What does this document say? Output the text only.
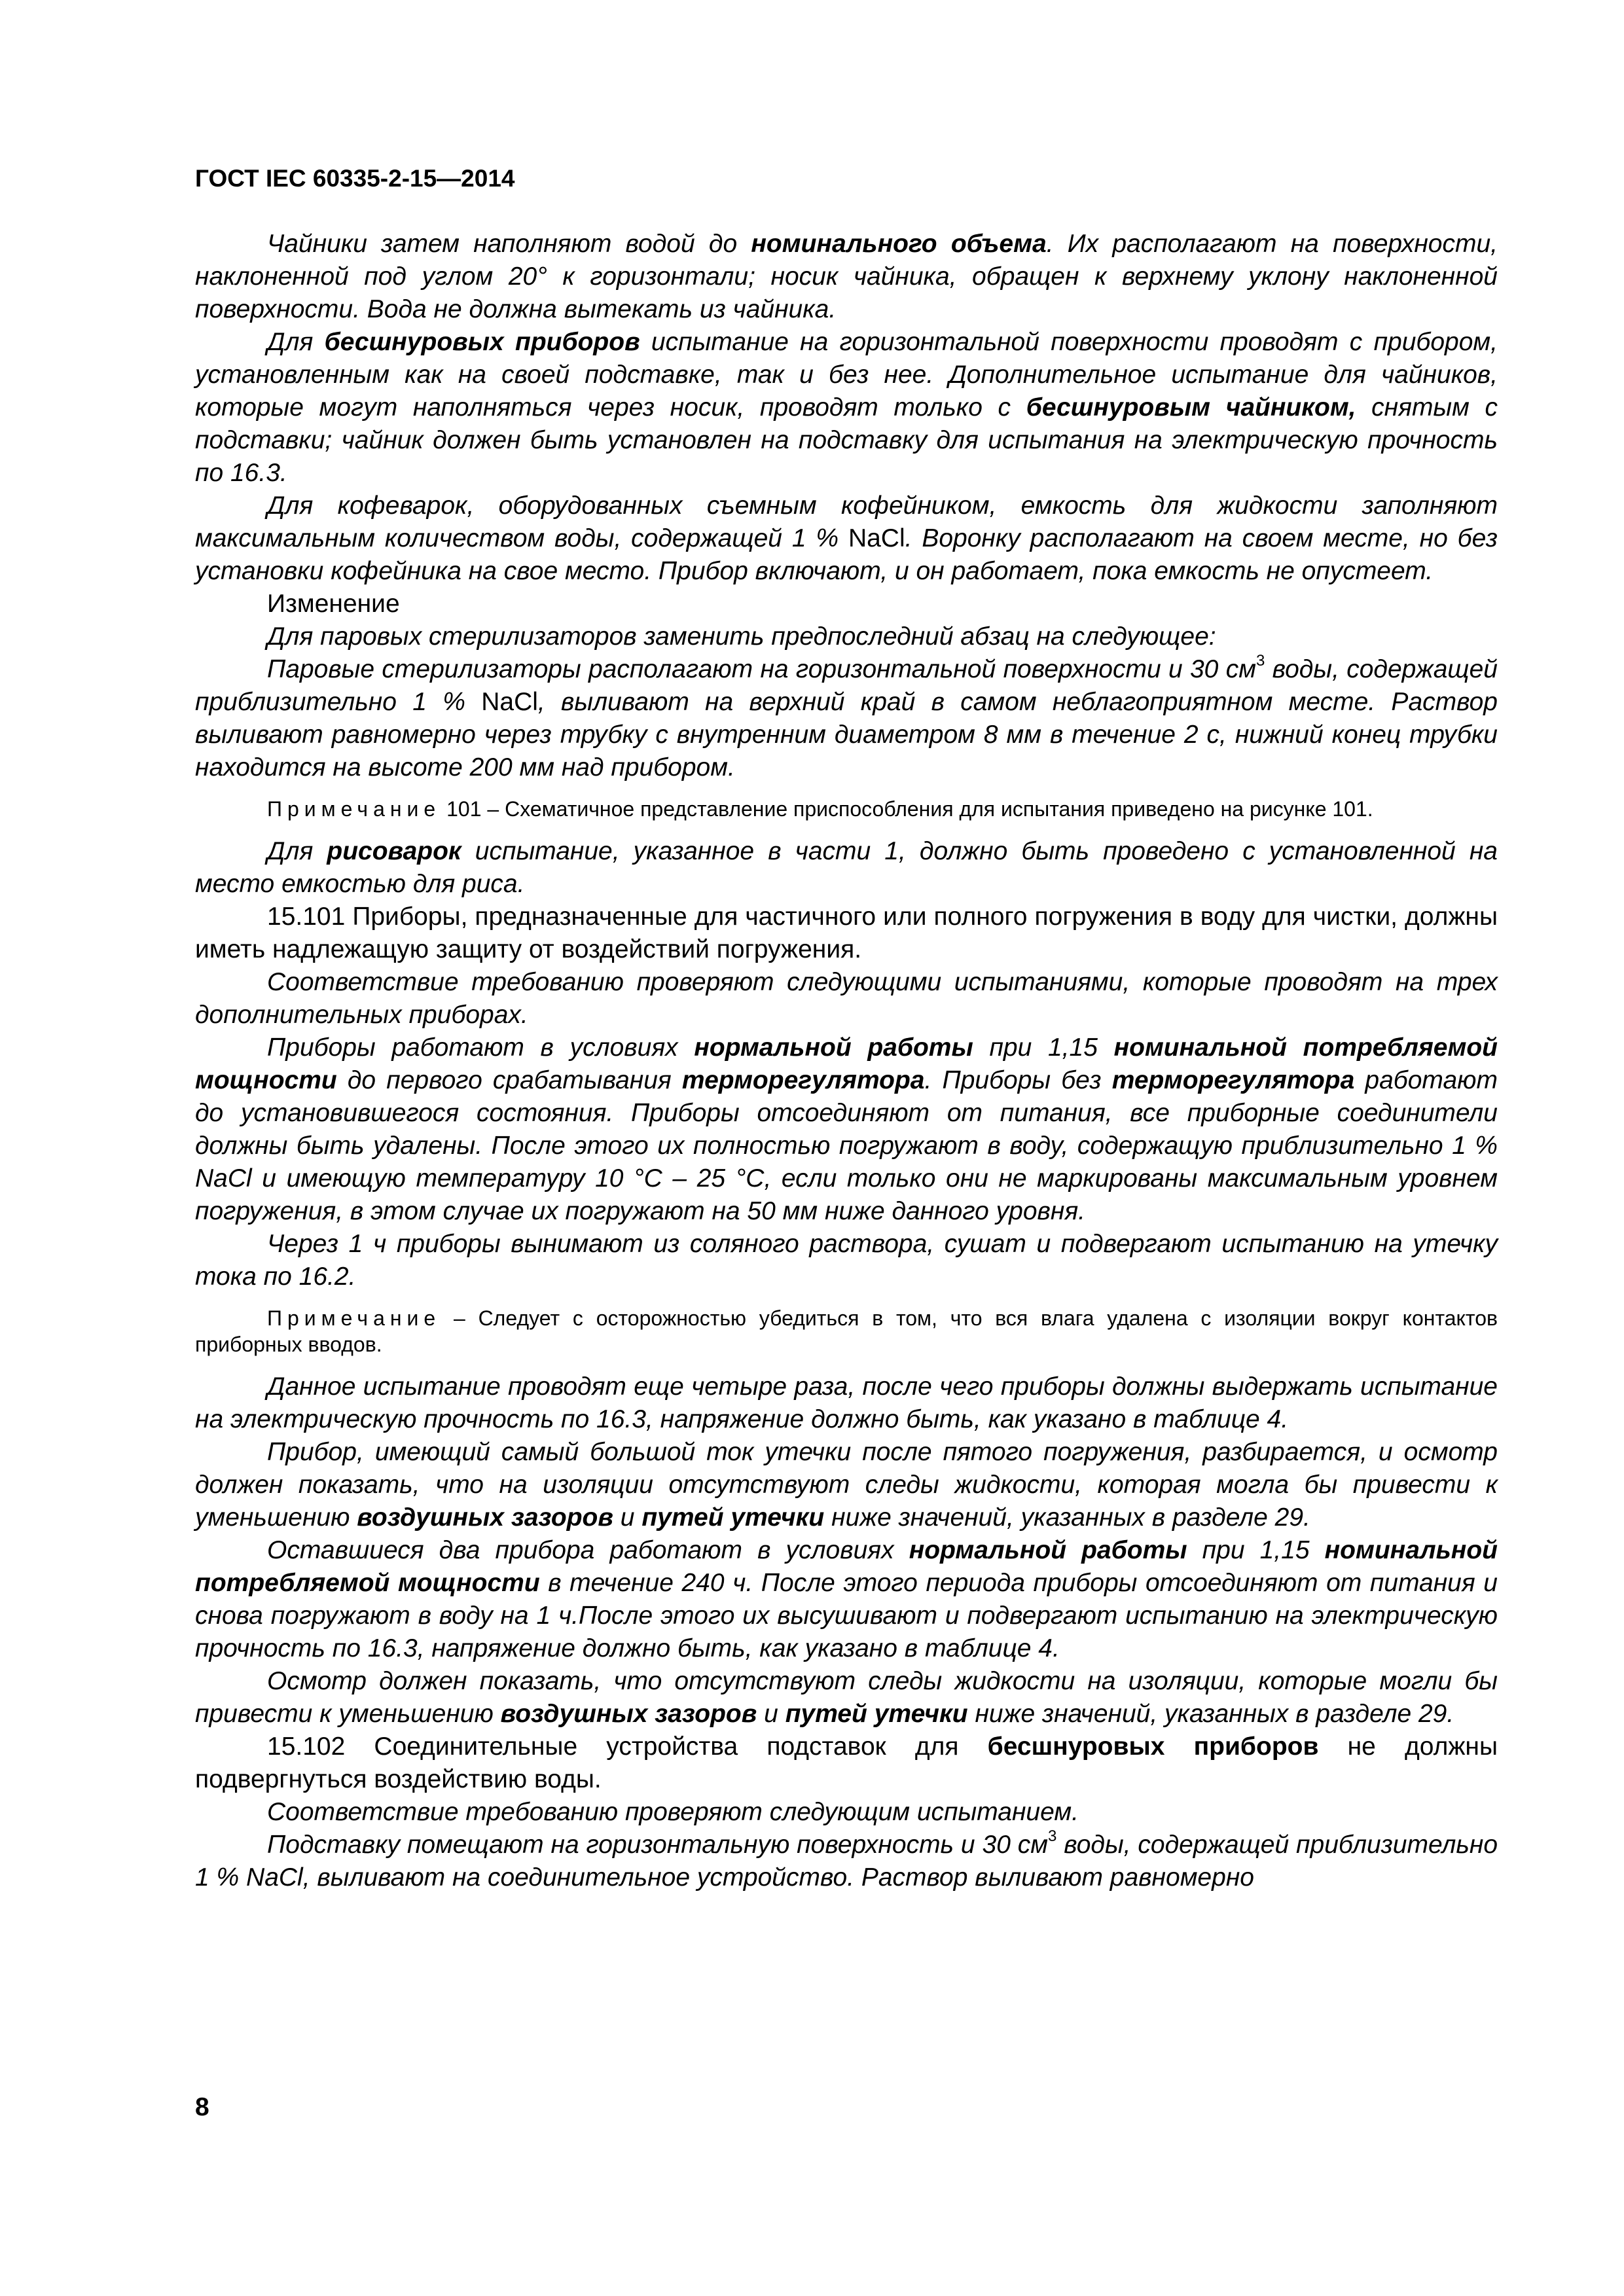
ГОСТ IEC 60335-2-15—2014

Чайники затем наполняют водой до номинального объема. Их располагают на поверхности, наклоненной под углом 20° к горизонтали; носик чайника, обращен к верхнему уклону наклоненной поверхности. Вода не должна вытекать из чайника.

Для бесшнуровых приборов испытание на горизонтальной поверхности проводят с прибором, установленным как на своей подставке, так и без нее. Дополнительное испытание для чайников, которые могут наполняться через носик, проводят только с бесшнуровым чайником, снятым с подставки; чайник должен быть установлен на подставку для испытания на электрическую прочность по 16.3.

Для кофеварок, оборудованных съемным кофейником, емкость для жидкости заполняют максимальным количеством воды, содержащей 1 % NaCl. Воронку располагают на своем месте, но без установки кофейника на свое место. Прибор включают, и он работает, пока емкость не опустеет.

Изменение

Для паровых стерилизаторов заменить предпоследний абзац на следующее:

Паровые стерилизаторы располагают на горизонтальной поверхности и 30 $см^3$ воды, содержащей приблизительно 1 % NaCl, выливают на верхний край в самом неблагоприятном месте. Раствор выливают равномерно через трубку с внутренним диаметром 8 мм в течение 2 с, нижний конец трубки находится на высоте 200 мм над прибором.

Примечание 101 – Схематичное представление приспособления для испытания приведено на рисунке 101.

Для рисоварок испытание, указанное в части 1, должно быть проведено с установленной на место емкостью для риса.

15.101 Приборы, предназначенные для частичного или полного погружения в воду для чистки, должны иметь надлежащую защиту от воздействий погружения.

Соответствие требованию проверяют следующими испытаниями, которые проводят на трех дополнительных приборах.

Приборы работают в условиях нормальной работы при 1,15 номинальной потребляемой мощности до первого срабатывания терморегулятора. Приборы без терморегулятора работают до установившегося состояния. Приборы отсоединяют от питания, все приборные соединители должны быть удалены. После этого их полностью погружают в воду, содержащую приблизительно 1 % NaCl и имеющую температуру 10 °С – 25 °С, если только они не маркированы максимальным уровнем погружения, в этом случае их погружают на 50 мм ниже данного уровня.

Через 1 ч приборы вынимают из соляного раствора, сушат и подвергают испытанию на утечку тока по 16.2.

Примечание – Следует с осторожностью убедиться в том, что вся влага удалена с изоляции вокруг контактов приборных вводов.

Данное испытание проводят еще четыре раза, после чего приборы должны выдержать испытание на электрическую прочность по 16.3, напряжение должно быть, как указано в таблице 4.

Прибор, имеющий самый большой ток утечки после пятого погружения, разбирается, и осмотр должен показать, что на изоляции отсутствуют следы жидкости, которая могла бы привести к уменьшению воздушных зазоров и путей утечки ниже значений, указанных в разделе 29.

Оставшиеся два прибора работают в условиях нормальной работы при 1,15 номинальной потребляемой мощности в течение 240 ч. После этого периода приборы отсоединяют от питания и снова погружают в воду на 1 ч.После этого их высушивают и подвергают испытанию на электрическую прочность по 16.3, напряжение должно быть, как указано в таблице 4.

Осмотр должен показать, что отсутствуют следы жидкости на изоляции, которые могли бы привести к уменьшению воздушных зазоров и путей утечки ниже значений, указанных в разделе 29.

15.102 Соединительные устройства подставок для бесшнуровых приборов не должны подвергнуться воздействию воды.

Соответствие требованию проверяют следующим испытанием.

Подставку помещают на горизонтальную поверхность и 30 $см^3$ воды, содержащей приблизительно 1 % NaCl, выливают на соединительное устройство. Раствор выливают равномерно

8
